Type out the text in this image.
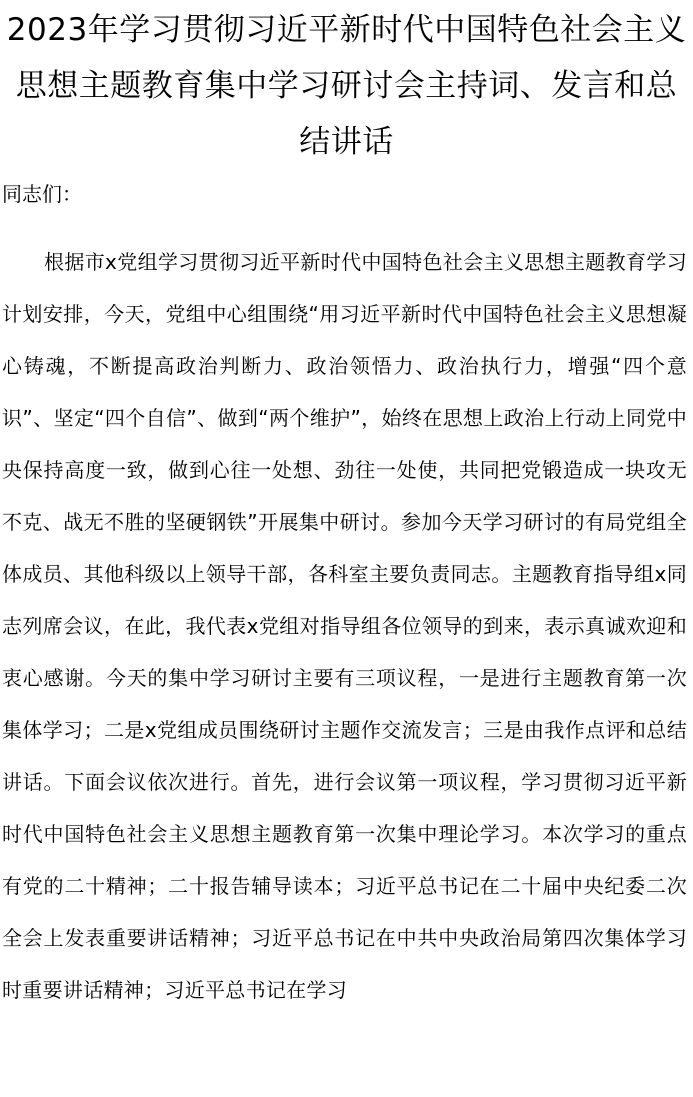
2023年学习贯彻习近平新时代中国特色社会主义思想主题教育集中学习研讨会主持词、发言和总结讲话
同志们：

根据市x党组学习贯彻习近平新时代中国特色社会主义思想主题教育学习计划安排，今天，党组中心组围绕“用习近平新时代中国特色社会主义思想凝心铸魂，不断提高政治判断力、政治领悟力、政治执行力，增强“四个意识”、坚定“四个自信”、做到“两个维护”，始终在思想上政治上行动上同党中央保持高度一致，做到心往一处想、劲往一处使，共同把党锻造成一块攻无不克、战无不胜的坚硬钢铁”开展集中研讨。参加今天学习研讨的有局党组全体成员、其他科级以上领导干部，各科室主要负责同志。主题教育指导组x同志列席会议，在此，我代表x党组对指导组各位领导的到来，表示真诚欢迎和衷心感谢。今天的集中学习研讨主要有三项议程，一是进行主题教育第一次集体学习；二是x党组成员围绕研讨主题作交流发言；三是由我作点评和总结讲话。下面会议依次进行。首先，进行会议第一项议程，学习贯彻习近平新时代中国特色社会主义思想主题教育第一次集中理论学习。本次学习的重点有党的二十精神；二十报告辅导读本；习近平总书记在二十届中央纪委二次全会上发表重要讲话精神；习近平总书记在中共中央政治局第四次集体学习时重要讲话精神；习近平总书记在学习
